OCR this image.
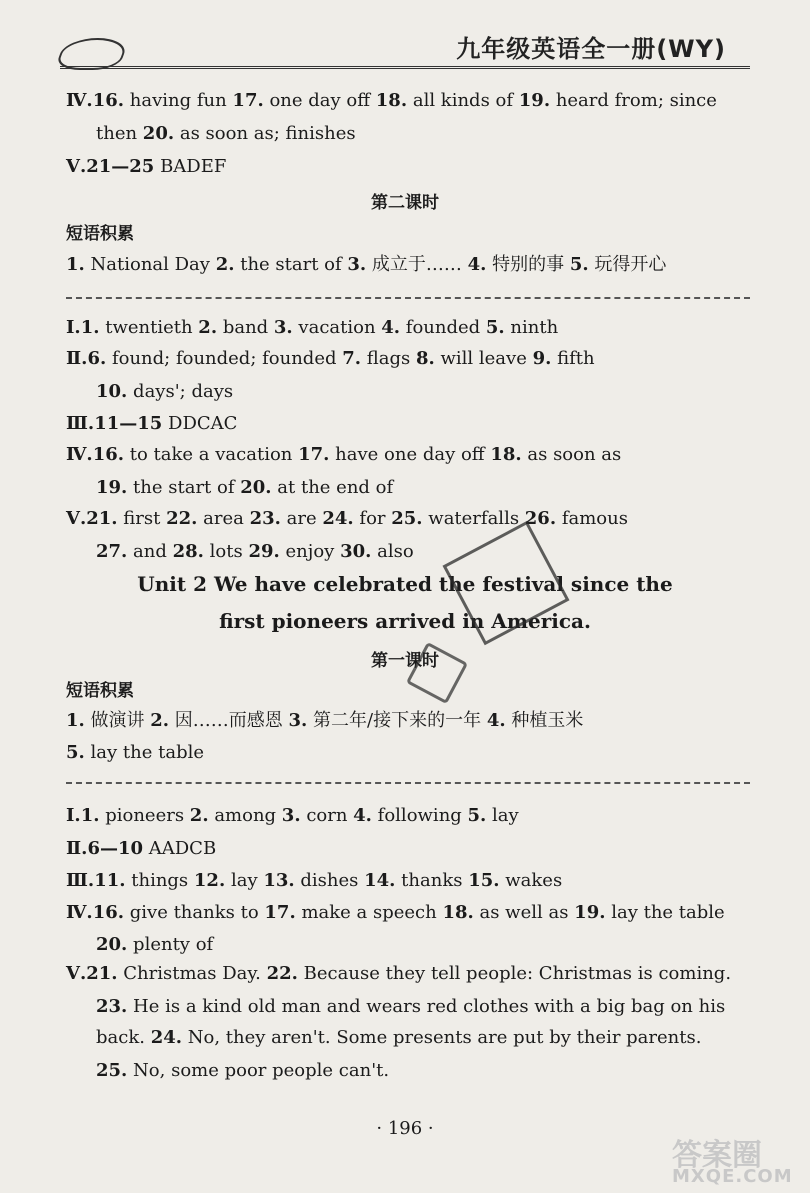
九年级英语全一册(WY)
Ⅳ.16. having fun 17. one day off 18. all kinds of 19. heard from; since
then 20. as soon as; finishes
Ⅴ.21—25 BADEF
第二课时
短语积累
1. National Day 2. the start of 3. 成立于…… 4. 特别的事 5. 玩得开心
Ⅰ.1. twentieth 2. band 3. vacation 4. founded 5. ninth
Ⅱ.6. found; founded; founded 7. flags 8. will leave 9. fifth
10. days'; days
Ⅲ.11—15 DDCAC
Ⅳ.16. to take a vacation 17. have one day off 18. as soon as
19. the start of 20. at the end of
Ⅴ.21. first 22. area 23. are 24. for 25. waterfalls 26. famous
27. and 28. lots 29. enjoy 30. also
Unit 2 We have celebrated the festival since the
first pioneers arrived in America.
第一课时
短语积累
1. 做演讲 2. 因……而感恩 3. 第二年/接下来的一年 4. 种植玉米
5. lay the table
Ⅰ.1. pioneers 2. among 3. corn 4. following 5. lay
Ⅱ.6—10 AADCB
Ⅲ.11. things 12. lay 13. dishes 14. thanks 15. wakes
Ⅳ.16. give thanks to 17. make a speech 18. as well as 19. lay the table
20. plenty of
Ⅴ.21. Christmas Day. 22. Because they tell people: Christmas is coming.
23. He is a kind old man and wears red clothes with a big bag on his
back. 24. No, they aren't. Some presents are put by their parents.
25. No, some poor people can't.
· 196 ·
答案圈
MXQE.COM
